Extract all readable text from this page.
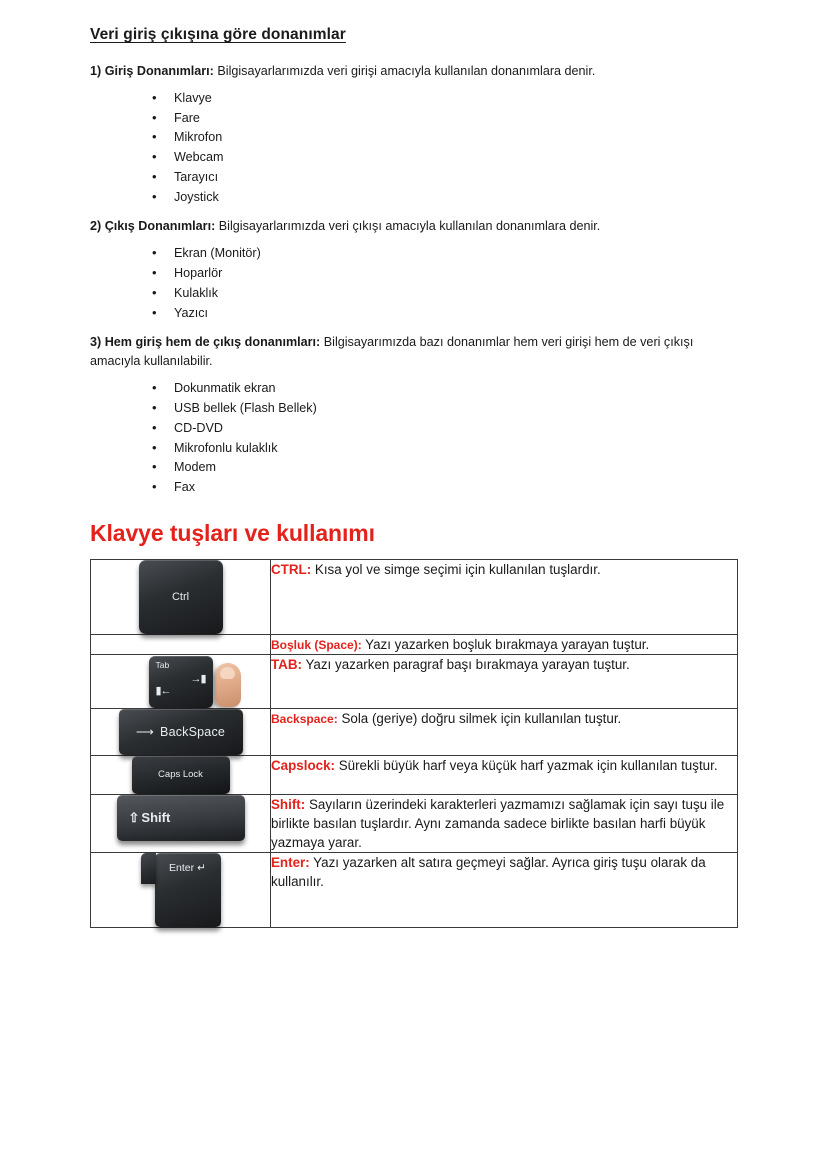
Veri giriş çıkışına göre donanımlar

1) Giriş Donanımları: Bilgisayarlarımızda veri girişi amacıyla kullanılan donanımlara denir.

• Klavye
• Fare
• Mikrofon
• Webcam
• Tarayıcı
• Joystick

2) Çıkış Donanımları: Bilgisayarlarımızda veri çıkışı amacıyla kullanılan donanımlara denir.

• Ekran (Monitör)
• Hoparlör
• Kulaklık
• Yazıcı

3) Hem giriş hem de çıkış donanımları: Bilgisayarımızda bazı donanımlar hem veri girişi hem de veri çıkışı amacıyla kullanılabilir.

• Dokunmatik ekran
• USB bellek (Flash Bellek)
• CD-DVD
• Mikrofonlu kulaklık
• Modem
• Fax
Klavye tuşları ve kullanımı
Ctrl	CTRL: Kısa yol ve simge seçimi için kullanılan tuşlardır.

	Boşluk (Space): Yazı yazarken boşluk bırakmaya yarayan tuştur.

Tab
→▮
▮←	TAB: Yazı yazarken paragraf başı bırakmaya yarayan tuştur.

⟶ BackSpace	Backspace: Sola (geriye) doğru silmek için kullanılan tuştur.

Caps Lock	Capslock: Sürekli büyük harf veya küçük harf yazmak için kullanılan tuştur.

⇧ Shift	Shift: Sayıların üzerindeki karakterleri yazmamızı sağlamak için sayı tuşu ile birlikte basılan tuşlardır. Aynı zamanda sadece birlikte basılan harfi büyük yazmaya yarar.

Enter ↵	Enter: Yazı yazarken alt satıra geçmeyi sağlar. Ayrıca giriş tuşu olarak da kullanılır.
